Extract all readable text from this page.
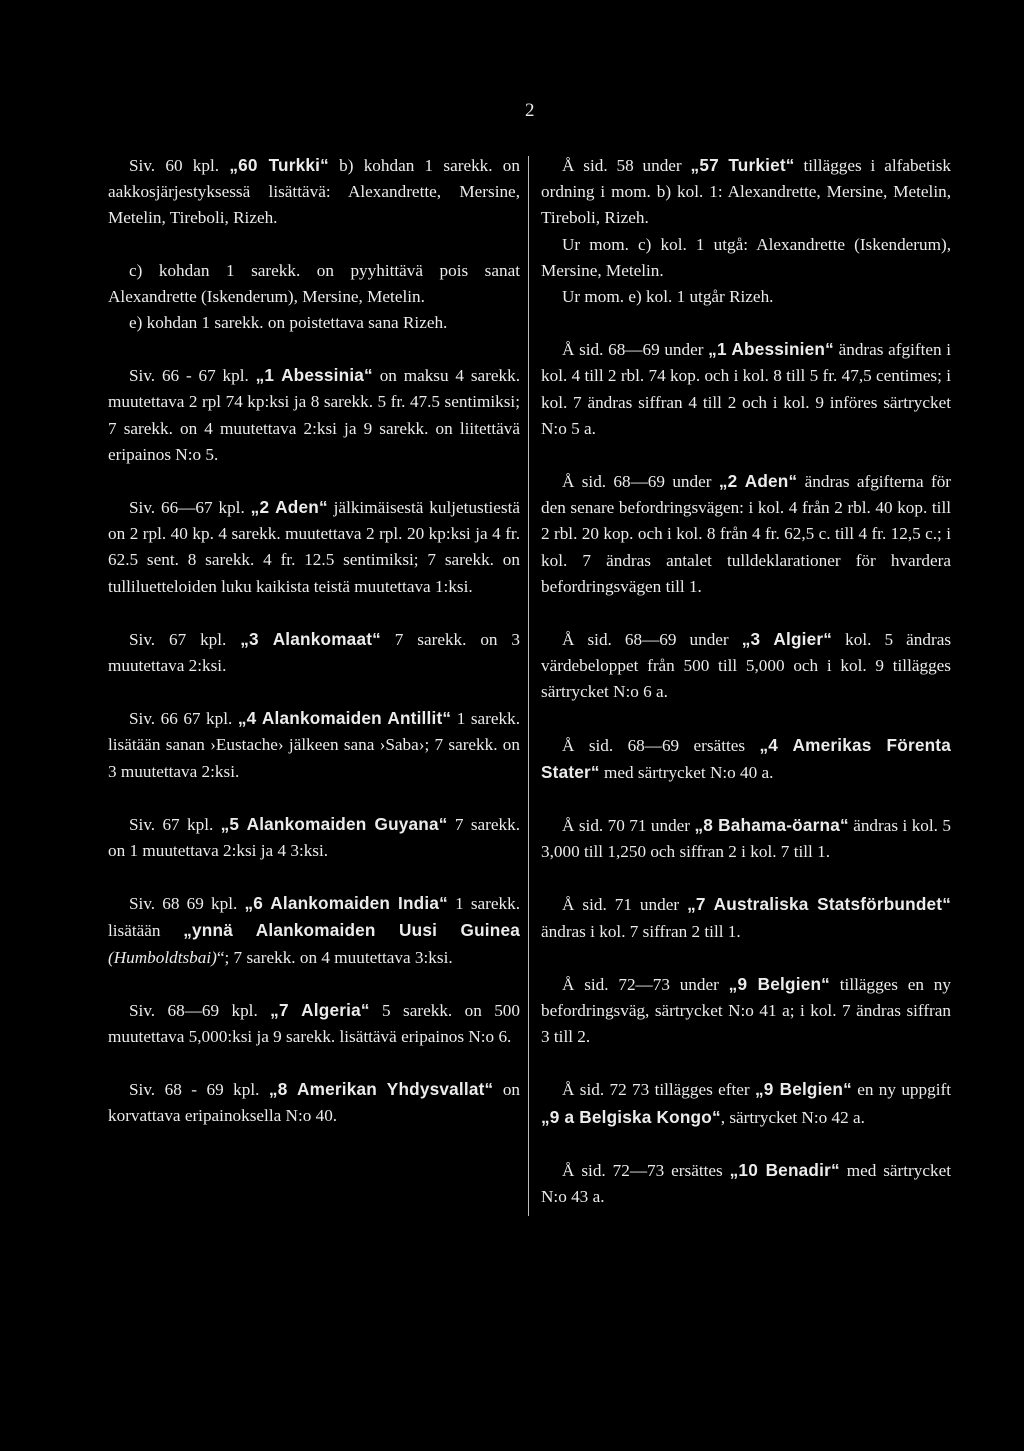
2

Siv. 60 kpl. „60 Turkki“ b) kohdan 1 sarekk. on aakkosjärjestyksessä lisättävä: Alexandrette, Mersine, Metelin, Tireboli, Rizeh.
c) kohdan 1 sarekk. on pyyhittävä pois sanat Alexandrette (Iskenderum), Mersine, Metelin.
e) kohdan 1 sarekk. on poistettava sana Rizeh.
Siv. 66 - 67 kpl. „1 Abessinia“ on maksu 4 sarekk. muutettava 2 rpl 74 kp:ksi ja 8 sarekk. 5 fr. 47.5 sentimiksi; 7 sarekk. on 4 muutettava 2:ksi ja 9 sarekk. on liitettävä eripainos N:o 5.
Siv. 66—67 kpl. „2 Aden“ jälkimäisestä kuljetustiestä on 2 rpl. 40 kp. 4 sarekk. muutettava 2 rpl. 20 kp:ksi ja 4 fr. 62.5 sent. 8 sarekk. 4 fr. 12.5 sentimiksi; 7 sarekk. on tulliluetteloiden luku kaikista teistä muutettava 1:ksi.
Siv. 67 kpl. „3 Alankomaat“ 7 sarekk. on 3 muutettava 2:ksi.
Siv. 66 67 kpl. „4 Alankomaiden Antillit“ 1 sarekk. lisätään sanan ›Eustache› jälkeen sana ›Saba›; 7 sarekk. on 3 muutettava 2:ksi.
Siv. 67 kpl. „5 Alankomaiden Guyana“ 7 sarekk. on 1 muutettava 2:ksi ja 4 3:ksi.
Siv. 68 69 kpl. „6 Alankomaiden India“ 1 sarekk. lisätään „ynnä Alankomaiden Uusi Guinea (Humboldtsbai)“; 7 sarekk. on 4 muutettava 3:ksi.
Siv. 68—69 kpl. „7 Algeria“ 5 sarekk. on 500 muutettava 5,000:ksi ja 9 sarekk. lisättävä eripainos N:o 6.
Siv. 68 - 69 kpl. „8 Amerikan Yhdysvallat“ on korvattava eripainoksella N:o 40.
Å sid. 58 under „57 Turkiet“ tillägges i alfabetisk ordning i mom. b) kol. 1: Alexandrette, Mersine, Metelin, Tireboli, Rizeh.
Ur mom. c) kol. 1 utgå: Alexandrette (Iskenderum), Mersine, Metelin.
Ur mom. e) kol. 1 utgår Rizeh.
Å sid. 68—69 under „1 Abessinien“ ändras afgiften i kol. 4 till 2 rbl. 74 kop. och i kol. 8 till 5 fr. 47,5 centimes; i kol. 7 ändras siffran 4 till 2 och i kol. 9 införes särtrycket N:o 5 a.
Å sid. 68—69 under „2 Aden“ ändras afgifterna för den senare befordringsvägen: i kol. 4 från 2 rbl. 40 kop. till 2 rbl. 20 kop. och i kol. 8 från 4 fr. 62,5 c. till 4 fr. 12,5 c.; i kol. 7 ändras antalet tulldeklarationer för hvardera befordringsvägen till 1.
Å sid. 68—69 under „3 Algier“ kol. 5 ändras värdebeloppet från 500 till 5,000 och i kol. 9 tillägges särtrycket N:o 6 a.
Å sid. 68—69 ersättes „4 Amerikas Förenta Stater“ med särtrycket N:o 40 a.
Å sid. 70 71 under „8 Bahama-öarna“ ändras i kol. 5 3,000 till 1,250 och siffran 2 i kol. 7 till 1.
Å sid. 71 under „7 Australiska Statsförbundet“ ändras i kol. 7 siffran 2 till 1.
Å sid. 72—73 under „9 Belgien“ tillägges en ny befordringsväg, särtrycket N:o 41 a; i kol. 7 ändras siffran 3 till 2.
Å sid. 72 73 tillägges efter „9 Belgien“ en ny uppgift „9 a Belgiska Kongo“, särtrycket N:o 42 a.
Å sid. 72—73 ersättes „10 Benadir“ med särtrycket N:o 43 a.
